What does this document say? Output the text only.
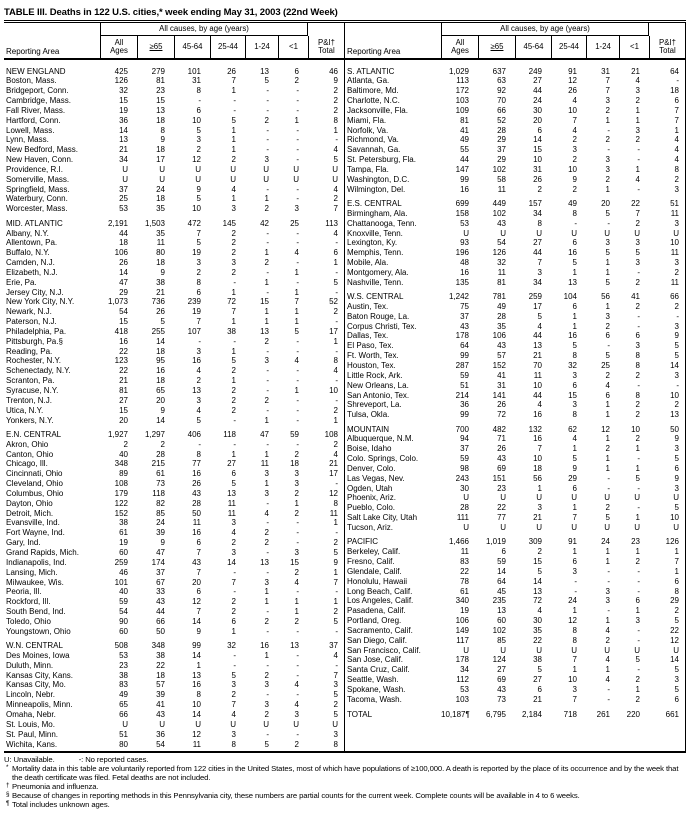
TABLE III. Deaths in 122 U.S. cities,* week ending May 31, 2003 (22nd Week)
All causes, by age (years)
Reporting Area
All
Ages	≥65	45-64	25-44	1-24	<1	P&I†
Total
NEW ENGLAND	425	279	101	26	13	6	46
Boston, Mass.	126	81	31	7	5	2	9
Bridgeport, Conn.	32	23	8	1	-	-	2
Cambridge, Mass.	15	15	-	-	-	-	2
Fall River, Mass.	19	13	6	-	-	-	2
Hartford, Conn.	36	18	10	5	2	1	8
Lowell, Mass.	14	8	5	1	-	-	1
Lynn, Mass.	13	9	3	1	-	-	-
New Bedford, Mass.	21	18	2	1	-	-	4
New Haven, Conn.	34	17	12	2	3	-	5
Providence, R.I.	U	U	U	U	U	U	U
Somerville, Mass.	U	U	U	U	U	U	U
Springfield, Mass.	37	24	9	4	-	-	4
Waterbury, Conn.	25	18	5	1	1	-	2
Worcester, Mass.	53	35	10	3	2	3	7
MID. ATLANTIC	2,191	1,503	472	145	42	25	113
Albany, N.Y.	44	35	7	2	-	-	4
Allentown, Pa.	18	11	5	2	-	-	-
Buffalo, N.Y.	106	80	19	2	1	4	6
Camden, N.J.	26	18	3	3	2	-	1
Elizabeth, N.J.	14	9	2	2	-	1	-
Erie, Pa.	47	38	8	-	1	-	5
Jersey City, N.J.	29	21	6	1	-	1	-
New York City, N.Y.	1,073	736	239	72	15	7	52
Newark, N.J.	54	26	19	7	1	1	2
Paterson, N.J.	15	5	7	1	1	1	-
Philadelphia, Pa.	418	255	107	38	13	5	17
Pittsburgh, Pa.§	16	14	-	-	2	-	1
Reading, Pa.	22	18	3	1	-	-	-
Rochester, N.Y.	123	95	16	5	3	4	8
Schenectady, N.Y.	22	16	4	2	-	-	4
Scranton, Pa.	21	18	2	1	-	-	-
Syracuse, N.Y.	81	65	13	2	-	1	10
Trenton, N.J.	27	20	3	2	2	-	-
Utica, N.Y.	15	9	4	2	-	-	2
Yonkers, N.Y.	20	14	5	-	1	-	1
E.N. CENTRAL	1,927	1,297	406	118	47	59	108
Akron, Ohio	2	2	-	-	-	-	2
Canton, Ohio	40	28	8	1	1	2	4
Chicago, Ill.	348	215	77	27	11	18	21
Cincinnati, Ohio	89	61	16	6	3	3	17
Cleveland, Ohio	108	73	26	5	1	3	-
Columbus, Ohio	179	118	43	13	3	2	12
Dayton, Ohio	122	82	28	11	-	1	8
Detroit, Mich.	152	85	50	11	4	2	11
Evansville, Ind.	38	24	11	3	-	-	1
Fort Wayne, Ind.	61	39	16	4	2	-	-
Gary, Ind.	19	9	6	2	2	-	2
Grand Rapids, Mich.	60	47	7	3	-	3	5
Indianapolis, Ind.	259	174	43	14	13	15	9
Lansing, Mich.	46	37	7	-	-	2	1
Milwaukee, Wis.	101	67	20	7	3	4	7
Peoria, Ill.	40	33	6	-	1	-	-
Rockford, Ill.	59	43	12	2	1	1	1
South Bend, Ind.	54	44	7	2	-	1	2
Toledo, Ohio	90	66	14	6	2	2	5
Youngstown, Ohio	60	50	9	1	-	-	-
W.N. CENTRAL	508	348	99	32	16	13	37
Des Moines, Iowa	53	38	14	-	1	-	4
Duluth, Minn.	23	22	1	-	-	-	-
Kansas City, Kans.	38	18	13	5	2	-	7
Kansas City, Mo.	83	57	16	3	3	4	3
Lincoln, Nebr.	49	39	8	2	-	-	5
Minneapolis, Minn.	65	41	10	7	3	4	2
Omaha, Nebr.	66	43	14	4	2	3	5
St. Louis, Mo.	U	U	U	U	U	U	U
St. Paul, Minn.	51	36	12	3	-	-	3
Wichita, Kans.	80	54	11	8	5	2	8
All causes, by age (years)
Reporting Area
All
Ages	≥65	45-64	25-44	1-24	<1	P&I†
Total
S. ATLANTIC	1,029	637	249	91	31	21	64
Atlanta, Ga.	113	63	27	12	7	4	-
Baltimore, Md.	172	92	44	26	7	3	18
Charlotte, N.C.	103	70	24	4	3	2	6
Jacksonville, Fla.	109	66	30	10	2	1	7
Miami, Fla.	81	52	20	7	1	1	7
Norfolk, Va.	41	28	6	4	-	3	1
Richmond, Va.	49	29	14	2	2	2	4
Savannah, Ga.	55	37	15	3	-	-	4
St. Petersburg, Fla.	44	29	10	2	3	-	4
Tampa, Fla.	147	102	31	10	3	1	8
Washington, D.C.	99	58	26	9	2	4	2
Wilmington, Del.	16	11	2	2	1	-	3
E.S. CENTRAL	699	449	157	49	20	22	51
Birmingham, Ala.	158	102	34	8	5	7	11
Chattanooga, Tenn.	53	43	8	-	-	2	3
Knoxville, Tenn.	U	U	U	U	U	U	U
Lexington, Ky.	93	54	27	6	3	3	10
Memphis, Tenn.	196	126	44	16	5	5	11
Mobile, Ala.	48	32	7	5	1	3	3
Montgomery, Ala.	16	11	3	1	1	-	2
Nashville, Tenn.	135	81	34	13	5	2	11
W.S. CENTRAL	1,242	781	259	104	56	41	66
Austin, Tex.	75	49	17	6	1	2	2
Baton Rouge, La.	37	28	5	1	3	-	-
Corpus Christi, Tex.	43	35	4	1	2	-	3
Dallas, Tex.	178	106	44	16	6	6	9
El Paso, Tex.	64	43	13	5	-	3	5
Ft. Worth, Tex.	99	57	21	8	5	8	5
Houston, Tex.	287	152	70	32	25	8	14
Little Rock, Ark.	59	41	11	3	2	2	3
New Orleans, La.	51	31	10	6	4	-	-
San Antonio, Tex.	214	141	44	15	6	8	10
Shreveport, La.	36	26	4	3	1	2	2
Tulsa, Okla.	99	72	16	8	1	2	13
MOUNTAIN	700	482	132	62	12	10	50
Albuquerque, N.M.	94	71	16	4	1	2	9
Boise, Idaho	37	26	7	1	2	1	3
Colo. Springs, Colo.	59	43	10	5	1	-	5
Denver, Colo.	98	69	18	9	1	1	6
Las Vegas, Nev.	243	151	56	29	-	5	9
Ogden, Utah	30	23	1	6	-	-	3
Phoenix, Ariz.	U	U	U	U	U	U	U
Pueblo, Colo.	28	22	3	1	2	-	5
Salt Lake City, Utah	111	77	21	7	5	1	10
Tucson, Ariz.	U	U	U	U	U	U	U
PACIFIC	1,466	1,019	309	91	24	23	126
Berkeley, Calif.	11	6	2	1	1	1	1
Fresno, Calif.	83	59	15	6	1	2	7
Glendale, Calif.	22	14	5	3	-	-	1
Honolulu, Hawaii	78	64	14	-	-	-	6
Long Beach, Calif.	61	45	13	-	3	-	8
Los Angeles, Calif.	340	235	72	24	3	6	29
Pasadena, Calif.	19	13	4	1	-	1	2
Portland, Oreg.	106	60	30	12	1	3	5
Sacramento, Calif.	149	102	35	8	4	-	22
San Diego, Calif.	117	85	22	8	2	-	12
San Francisco, Calif.	U	U	U	U	U	U	U
San Jose, Calif.	178	124	38	7	4	5	14
Santa Cruz, Calif.	34	27	5	1	1	-	5
Seattle, Wash.	112	69	27	10	4	2	3
Spokane, Wash.	53	43	6	3	-	1	5
Tacoma, Wash.	103	73	21	7	-	2	6
TOTAL	10,187¶	6,795	2,184	718	261	220	661
U: Unavailable.	-: No reported cases.
* Mortality data in this table are voluntarily reported from 122 cities in the United States, most of which have populations of ≥100,000. A death is reported by the place of its occurrence and by the week that the death certificate was filed. Fetal deaths are not included.
† Pneumonia and influenza.
§ Because of changes in reporting methods in this Pennsylvania city, these numbers are partial counts for the current week. Complete counts will be available in 4 to 6 weeks.
¶ Total includes unknown ages.
